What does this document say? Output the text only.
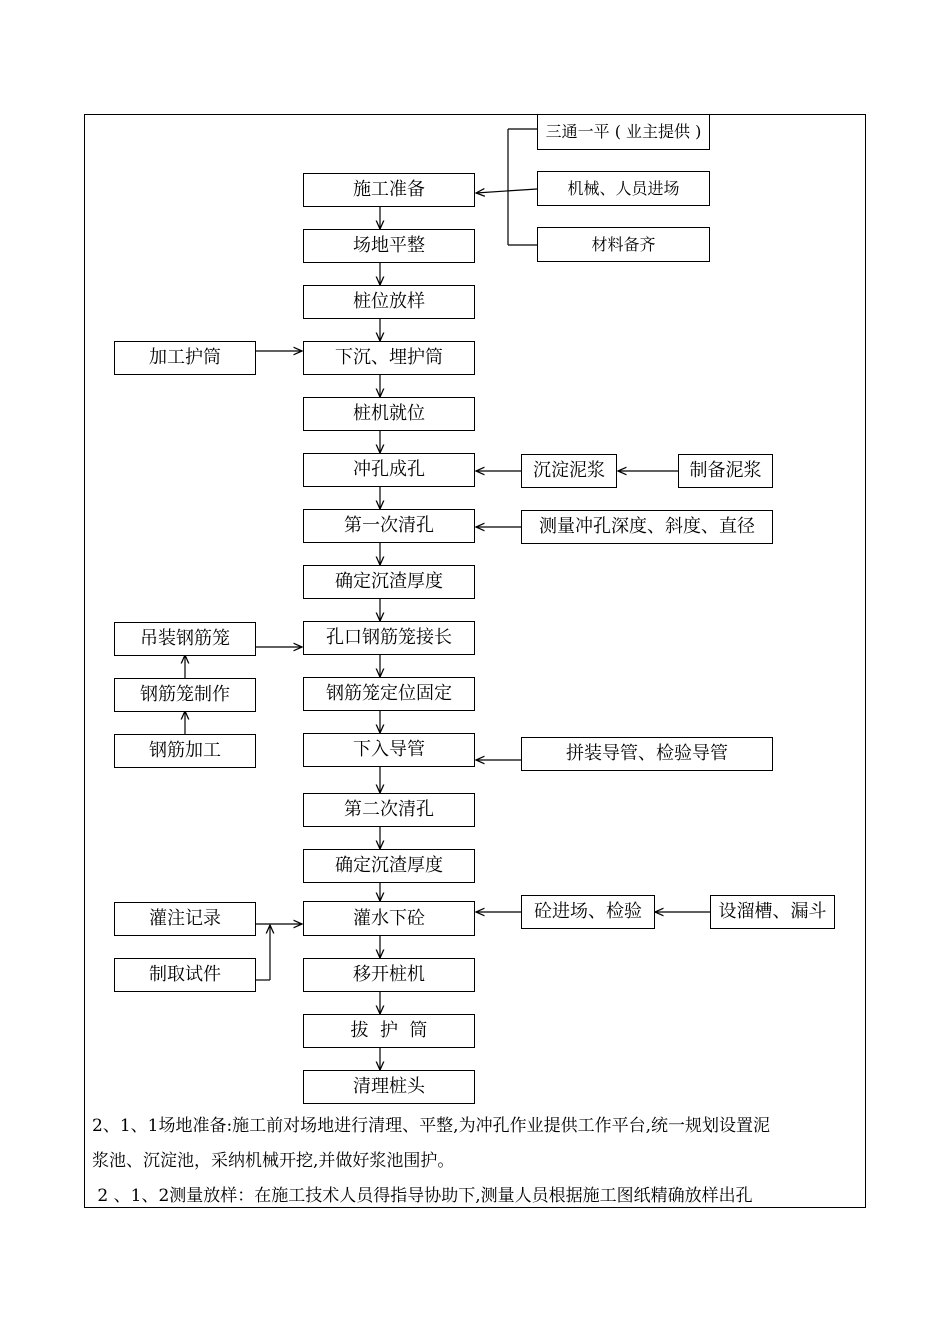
施工准备
场地平整
桩位放样
下沉、埋护筒
桩机就位
冲孔成孔
第一次清孔
确定沉渣厚度
孔口钢筋笼接长
钢筋笼定位固定
下入导管
第二次清孔
确定沉渣厚度
灌水下砼
移开桩机
拔  护  筒
清理桩头
三通一平 ( 业主提供 )
机械、人员进场
材料备齐
加工护筒
沉淀泥浆	制备泥浆
测量冲孔深度、斜度、直径
吊装钢筋笼
钢筋笼制作
钢筋加工	拼装导管、检验导管
砼进场、检验	设溜槽、漏斗
灌注记录
制取试件
2、1、1场地准备:施工前对场地进行清理、平整,为冲孔作业提供工作平台,统一规划设置泥
浆池、沉淀池，采纳机械开挖,并做好浆池围护。
2 、1、2测量放样：在施工技术人员得指导协助下,测量人员根据施工图纸精确放样出孔
